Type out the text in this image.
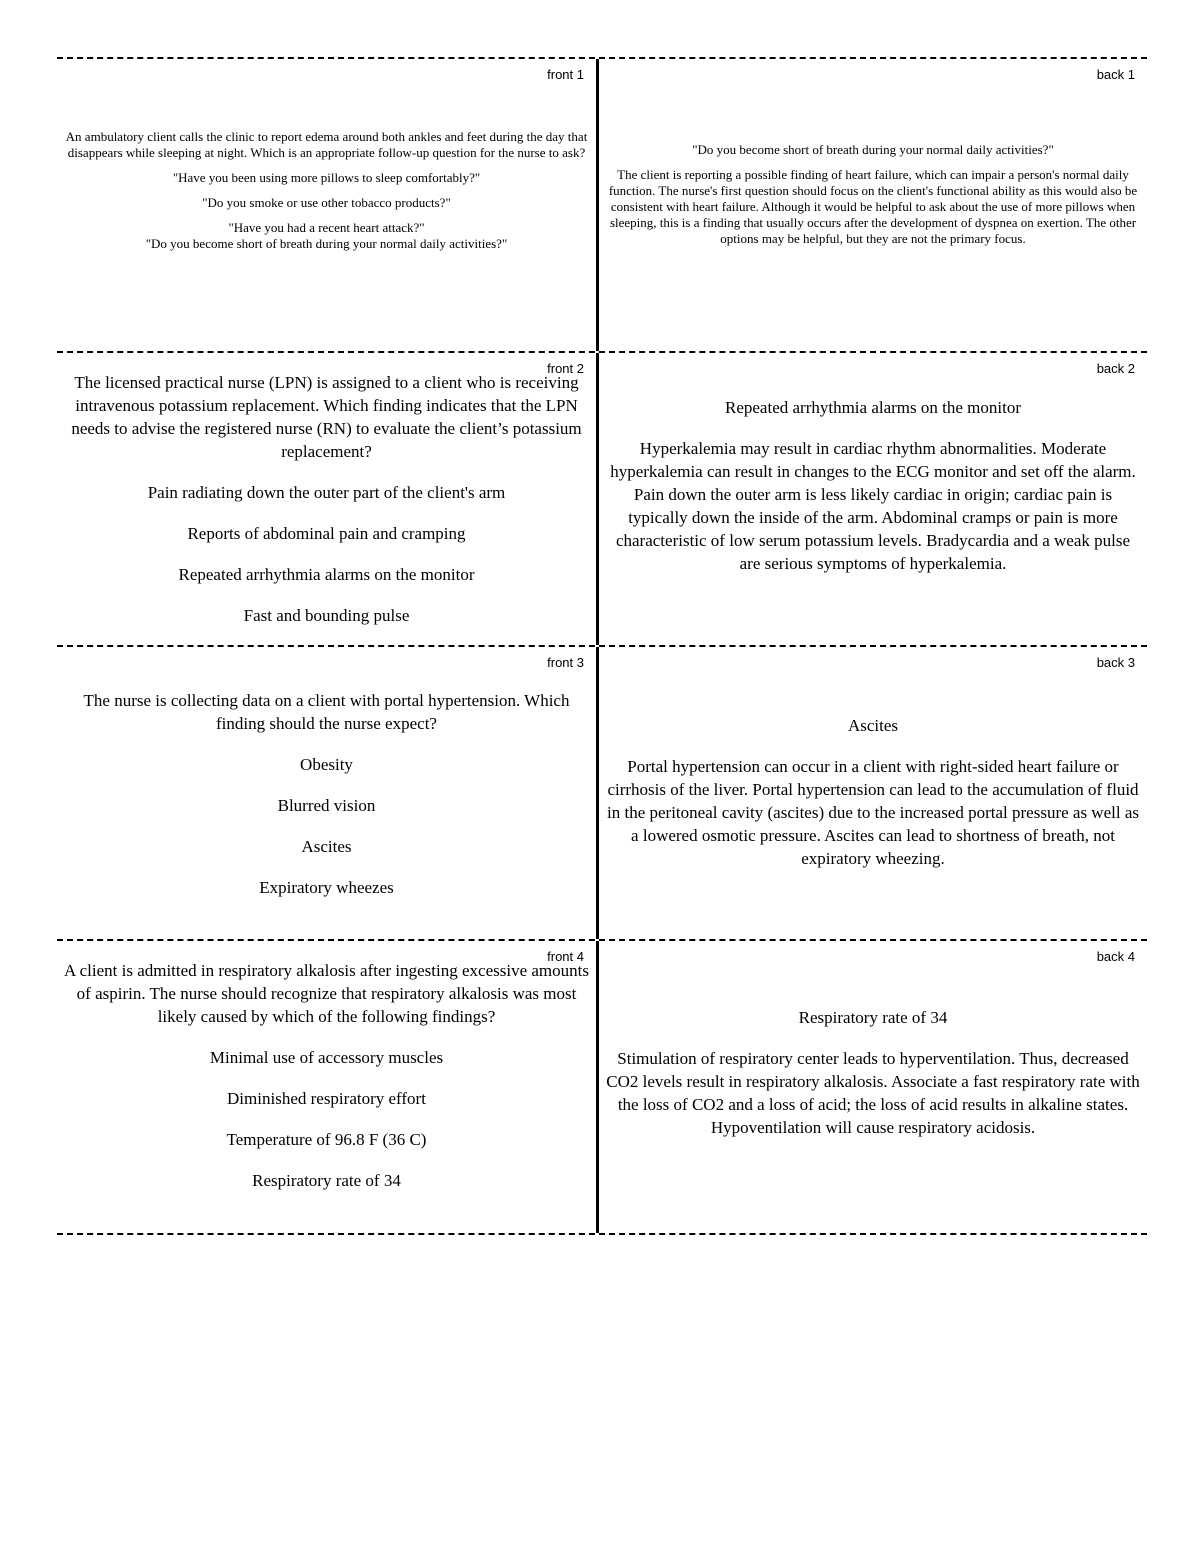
front 1

An ambulatory client calls the clinic to report edema around both ankles and feet during the day that disappears while sleeping at night. Which is an appropriate follow-up question for the nurse to ask?

"Have you been using more pillows to sleep comfortably?"

"Do you smoke or use other tobacco products?"

"Have you had a recent heart attack?"

"Do you become short of breath during your normal daily activities?"

back 1

"Do you become short of breath during your normal daily activities?"

The client is reporting a possible finding of heart failure, which can impair a person's normal daily function. The nurse's first question should focus on the client's functional ability as this would also be consistent with heart failure. Although it would be helpful to ask about the use of more pillows when sleeping, this is a finding that usually occurs after the development of dyspnea on exertion. The other options may be helpful, but they are not the primary focus.

front 2

The licensed practical nurse (LPN) is assigned to a client who is receiving intravenous potassium replacement. Which finding indicates that the LPN needs to advise the registered nurse (RN) to evaluate the client’s potassium replacement?

Pain radiating down the outer part of the client's arm

Reports of abdominal pain and cramping

Repeated arrhythmia alarms on the monitor

Fast and bounding pulse

back 2

Repeated arrhythmia alarms on the monitor

Hyperkalemia may result in cardiac rhythm abnormalities. Moderate hyperkalemia can result in changes to the ECG monitor and set off the alarm. Pain down the outer arm is less likely cardiac in origin; cardiac pain is typically down the inside of the arm. Abdominal cramps or pain is more characteristic of low serum potassium levels. Bradycardia and a weak pulse are serious symptoms of hyperkalemia.

front 3

The nurse is collecting data on a client with portal hypertension. Which finding should the nurse expect?

Obesity

Blurred vision

Ascites

Expiratory wheezes

back 3

Ascites

Portal hypertension can occur in a client with right-sided heart failure or cirrhosis of the liver. Portal hypertension can lead to the accumulation of fluid in the peritoneal cavity (ascites) due to the increased portal pressure as well as a lowered osmotic pressure. Ascites can lead to shortness of breath, not expiratory wheezing.

front 4

A client is admitted in respiratory alkalosis after ingesting excessive amounts of aspirin. The nurse should recognize that respiratory alkalosis was most likely caused by which of the following findings?

Minimal use of accessory muscles

Diminished respiratory effort

Temperature of 96.8 F (36 C)

Respiratory rate of 34

back 4

Respiratory rate of 34

Stimulation of respiratory center leads to hyperventilation. Thus, decreased CO2 levels result in respiratory alkalosis. Associate a fast respiratory rate with the loss of CO2 and a loss of acid; the loss of acid results in alkaline states. Hypoventilation will cause respiratory acidosis.
